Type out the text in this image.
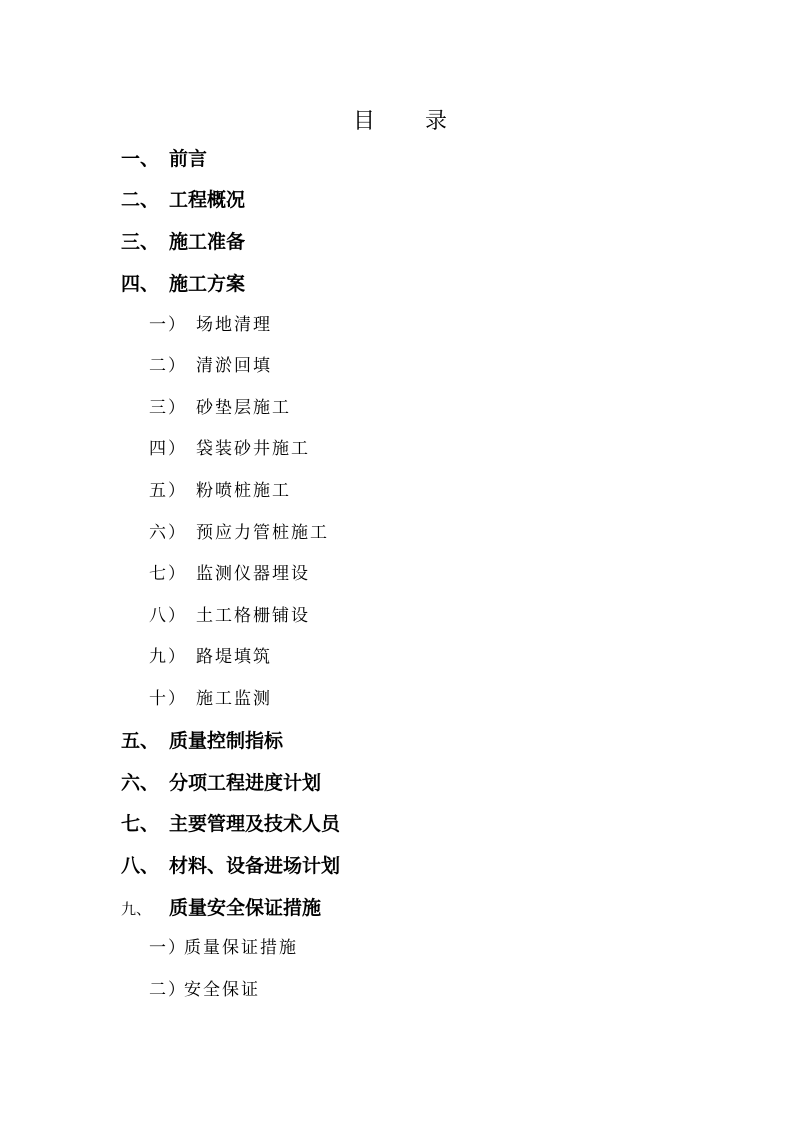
目 录
一、 前言
二、 工程概况
三、 施工准备
四、 施工方案
一） 场地清理
二） 清淤回填
三） 砂垫层施工
四） 袋装砂井施工
五） 粉喷桩施工
六） 预应力管桩施工
七） 监测仪器埋设
八） 土工格栅铺设
九） 路堤填筑
十） 施工监测
五、 质量控制指标
六、 分项工程进度计划
七、 主要管理及技术人员
八、 材料、设备进场计划
九、 质量安全保证措施
一）质量保证措施
二）安全保证
